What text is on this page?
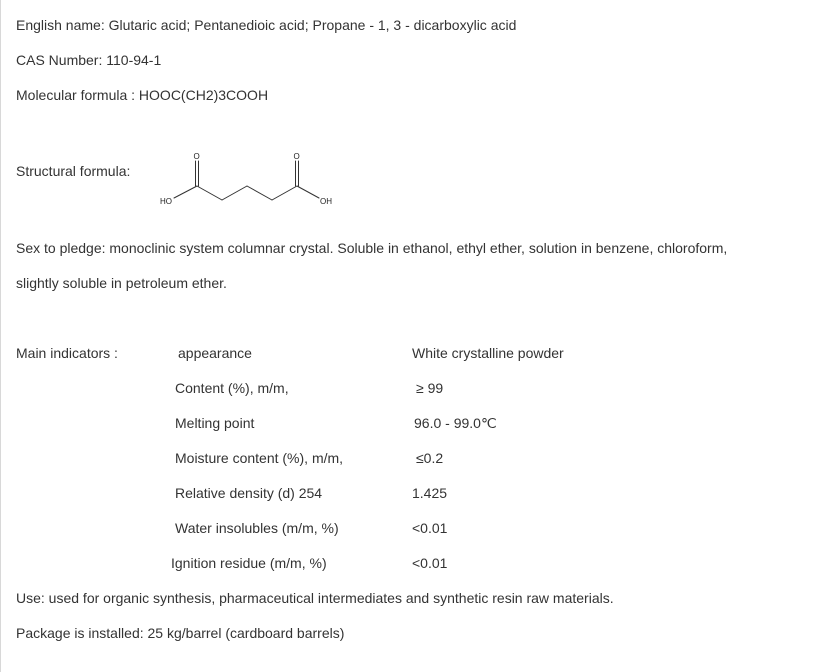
English name: Glutaric acid; Pentanedioic acid; Propane - 1, 3 - dicarboxylic acid
CAS Number: 110-94-1
Molecular formula : HOOC(CH2)3COOH
Structural formula:
O	O
HO	OH
Sex to pledge: monoclinic system columnar crystal. Soluble in ethanol, ethyl ether, solution in benzene, chloroform,
slightly soluble in petroleum ether.
Main indicators :	appearance	White crystalline powder
Content (%), m/m,	≥ 99
Melting point	96.0 - 99.0℃
Moisture content (%), m/m,	≤0.2
Relative density (d) 254	1.425
Water insolubles (m/m, %)	<0.01
Ignition residue (m/m, %)	<0.01
Use: used for organic synthesis, pharmaceutical intermediates and synthetic resin raw materials.
Package is installed: 25 kg/barrel (cardboard barrels)
